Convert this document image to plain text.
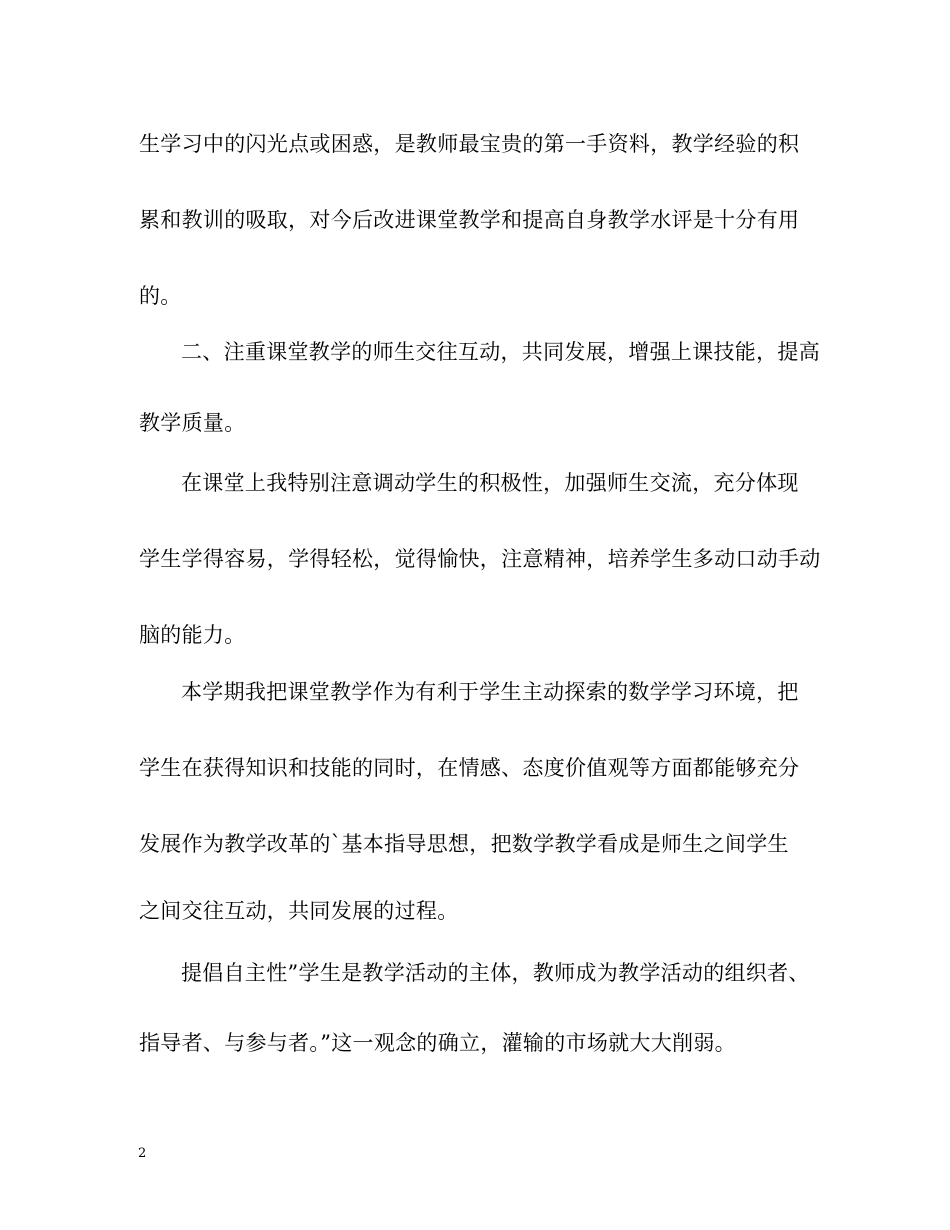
生学习中的闪光点或困惑，是教师最宝贵的第一手资料，教学经验的积
累和教训的吸取，对今后改进课堂教学和提高自身教学水评是十分有用
的。
二、注重课堂教学的师生交往互动，共同发展，增强上课技能，提高
教学质量。
在课堂上我特别注意调动学生的积极性，加强师生交流，充分体现
学生学得容易，学得轻松，觉得愉快，注意精神，培养学生多动口动手动
脑的能力。
本学期我把课堂教学作为有利于学生主动探索的数学学习环境，把
学生在获得知识和技能的同时，在情感、态度价值观等方面都能够充分
发展作为教学改革的`基本指导思想，把数学教学看成是师生之间学生
之间交往互动，共同发展的过程。
提倡自主性”学生是教学活动的主体，教师成为教学活动的组织者、
指导者、与参与者。”这一观念的确立，灌输的市场就大大削弱。
2
